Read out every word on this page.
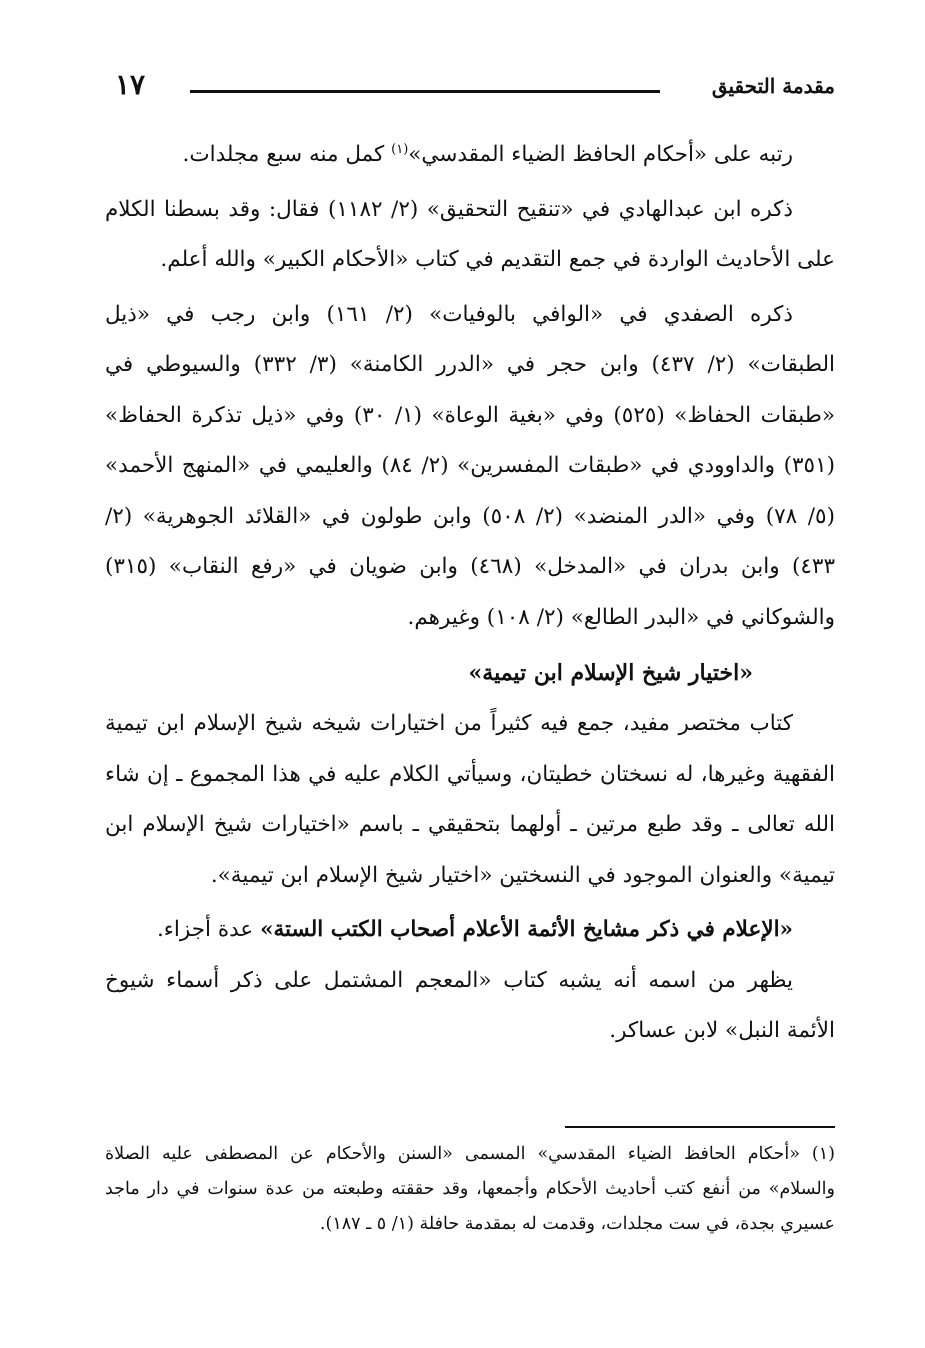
مقدمة التحقيق
١٧

رتبه على «أحكام الحافظ الضياء المقدسي»$^{(١)}$ كمل منه سبع مجلدات.

ذكره ابن عبدالهادي في «تنقيح التحقيق» (٢/ ١١٨٢) فقال: وقد بسطنا الكلام على الأحاديث الواردة في جمع التقديم في كتاب «الأحكام الكبير» والله أعلم.

ذكره الصفدي في «الوافي بالوفيات» (٢/ ١٦١) وابن رجب في «ذيل الطبقات» (٢/ ٤٣٧) وابن حجر في «الدرر الكامنة» (٣/ ٣٣٢) والسيوطي في «طبقات الحفاظ» (٥٢٥) وفي «بغية الوعاة» (١/ ٣٠) وفي «ذيل تذكرة الحفاظ» (٣٥١) والداوودي في «طبقات المفسرين» (٢/ ٨٤) والعليمي في «المنهج الأحمد» (٥/ ٧٨) وفي «الدر المنضد» (٢/ ٥٠٨) وابن طولون في «القلائد الجوهرية» (٢/ ٤٣٣) وابن بدران في «المدخل» (٤٦٨) وابن ضويان في «رفع النقاب» (٣١٥) والشوكاني في «البدر الطالع» (٢/ ١٠٨) وغيرهم.

«اختيار شيخ الإسلام ابن تيمية»

كتاب مختصر مفيد، جمع فيه كثيراً من اختيارات شيخه شيخ الإسلام ابن تيمية الفقهية وغيرها، له نسختان خطيتان، وسيأتي الكلام عليه في هذا المجموع ـ إن شاء الله تعالى ـ وقد طبع مرتين ـ أولهما بتحقيقي ـ باسم «اختيارات شيخ الإسلام ابن تيمية» والعنوان الموجود في النسختين «اختيار شيخ الإسلام ابن تيمية».

«الإعلام في ذكر مشايخ الأئمة الأعلام أصحاب الكتب الستة» عدة أجزاء.

يظهر من اسمه أنه يشبه كتاب «المعجم المشتمل على ذكر أسماء شيوخ الأئمة النبل» لابن عساكر.

(١) «أحكام الحافظ الضياء المقدسي» المسمى «السنن والأحكام عن المصطفى عليه الصلاة والسلام» من أنفع كتب أحاديث الأحكام وأجمعها، وقد حققته وطبعته من عدة سنوات في دار ماجد عسيري بجدة، في ست مجلدات، وقدمت له بمقدمة حافلة (١/ ٥ ـ ١٨٧).
